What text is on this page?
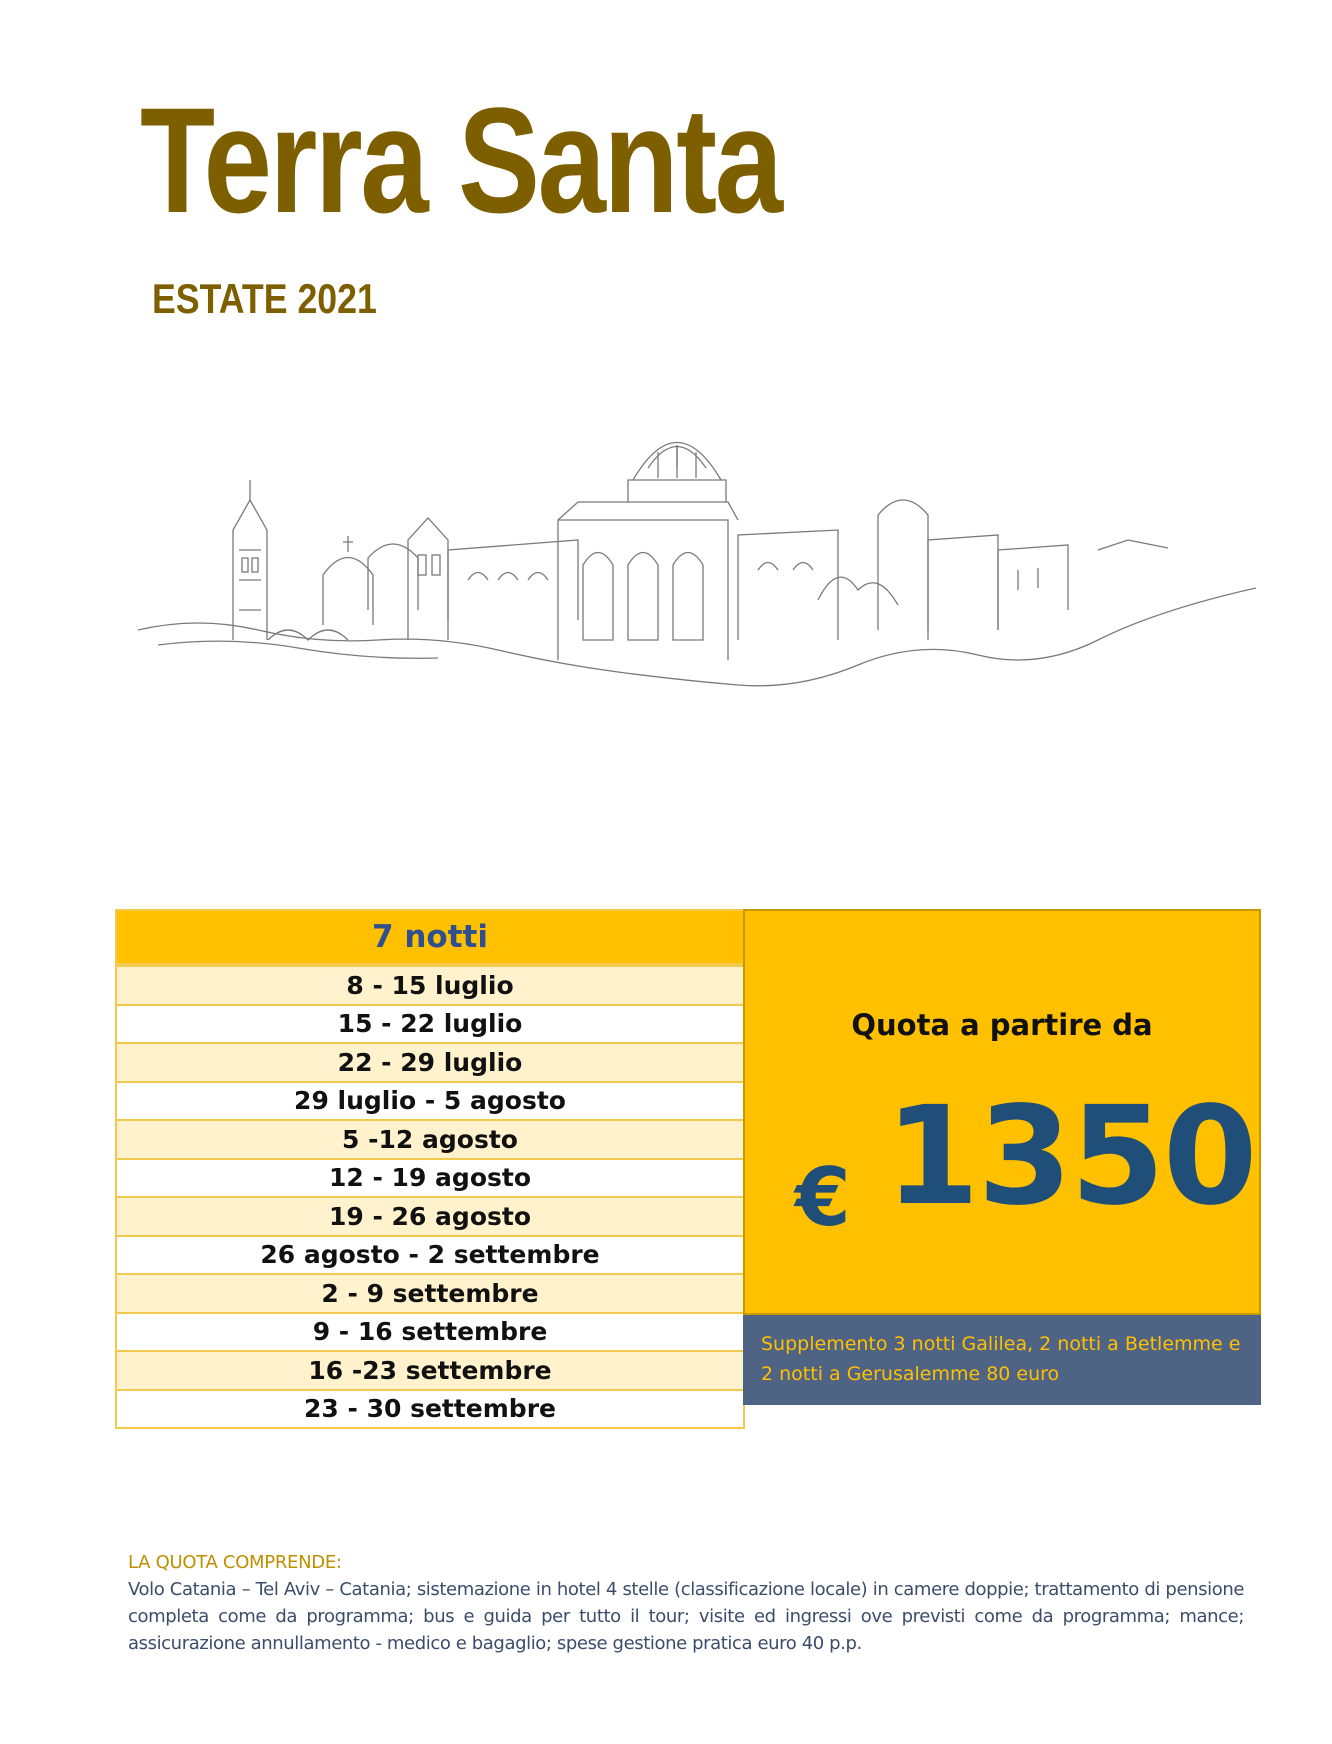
Terra Santa
ESTATE 2021
7 notti
8 - 15 luglio
15 - 22 luglio
22 - 29 luglio
29 luglio - 5 agosto
5 -12 agosto
12 - 19 agosto
19 - 26 agosto
26 agosto - 2 settembre
2 - 9 settembre
9 - 16 settembre
16 -23 settembre
23 - 30 settembre
Quota a partire da
€ 1350
Supplemento 3 notti Galilea, 2 notti a Betlemme e 2 notti a Gerusalemme 80 euro
LA QUOTA COMPRENDE:
Volo Catania – Tel Aviv – Catania; sistemazione in hotel 4 stelle (classificazione locale) in camere doppie; trattamento di pensione completa come da programma; bus e guida per tutto il tour; visite ed ingressi ove previsti come da programma; mance; assicurazione annullamento - medico e bagaglio; spese gestione pratica euro 40 p.p.
